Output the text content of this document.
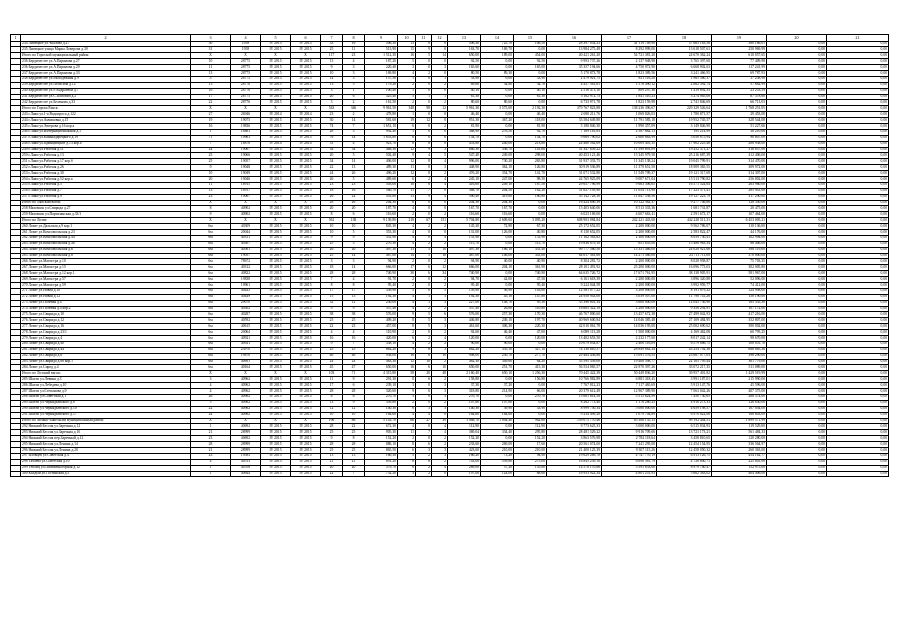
1	2	3	4	5	6	7	8	9	10	11	12	13	14	15	16	17	18	19	20	21
	234 Липецкое ул.Чкалова д.27	30	1958	IV 2015	IV 2015	33	16	506,30	13	8	0	506,30	725,70	106,50	28 397 054,23	41 119 749,98	57 665 163,56	360 166,01	0,00	0,00
	235 Липецкое улица Марка Ловерова д.30	31	1958	IV 2015	IV 2015	25	11	513,90	15	9	0	163,70	169,70	0,00	13 984 275,48	8 292 999,00	13 618 507,61	250 969,99	0,00	0,00
	Итого по Гороской муниципальный район:	X	X	X	X	117	23	1 512,30	16	5	14	650,00	189,00	454,00	40 421 261,20	54 721 381,20	24 670 362,24	618 057,65	0,00	0,00
	236 Бердичесэте ул.А.Парамова д.27	10	28775	IV 2015	IV 2015	13	4	187,20	5	0	0	92,50	0,00	92,50	9 993 737,26	2 137 948,98	3 765 397,60	77 409,98	0,00	0,00
	236 Бердичесэте ул.А.Парамова д.29	11	28775	IV 2015	IV 2015	9	3	220,40	3	0	3	165,60	0,00	165,00	35 357 194,66	4 750 972,90	6 668 902,63	117 241,99	0,00	0,00
	237 Бердичесэте ул.А.Парамова д.33	13	28775	IV 2015	IV 2015	10	3	169,80	4	2	0	80,50	89,30	0,00	5 170 873,78	1 823 389,56	3 241 466,95	69 787,93	0,00	0,00
	238 Бердичесэте ул.Молодежная д.9	3	28775	IV 2015	IV 2015	14	3	157,50	1	0	1	33,90	0,00	33,90	2 479 921,75	851 116,20	1 965 560,37	37 238,98	0,00	0,00
	239 Бердичесэте ул.Пеласича д.12	13	28776	IV 2015	IV 2015	13	5	179,20	2	0	2	69,60	34,80	34,70	4 457 561,61	1 576 490,12	2 662 392,74	57 662,99	0,00	0,00
	240 Бердичесэте ул.Р.Андраевой д.7	16	28776	IV 2015	IV 2015	3	1	100,40	1	0	0	40,10	0,00	40,10	2 516 473,10	809 297,36	1 419 892,33	23 253,59	0,00	0,00
	241 Бердичесэте ул.С.Попович д.2	17	28775	IV 2015	IV 2015	20	6	325,40	5	1	1	61,30	0,00	61,30	5 162 972,73	1 841 510,23	3 274 065,08	67 378,60	0,00	0,00
	242 Бердичесэте ул.Беленова д.33	22	28776	IV 2015	IV 2015	3	2	161,50	2	0	2	80,60	80,60	0,00	6 733 971,78	1 823 159,98	2 741 846,69	66 713,03	0,00	0,00
	Итого по Горска Ранск:	X	X	X	X	543	346	9 961,50	348	98	12	5 961,30	3 575,00	2 192,30	379 767 823,88	138 236 396,67	229 329 526,64	1 768 251,05	0,00	0,00
	243 г.Ляки ул.1-я Водопроса д.122	27	26946	IV 2014	IV 2014	23	2	478,80	1	0	0	46,40	0,00	46,40	2 690 211,76	1 069 826,03	1 780 871,57	29 453,08	0,00	0,00
	244 г.Ляки ул.Анчиковка д.15	19	19075	IV 2015	IV 2015	30	14	581,60	19	12	0	951,30	367,20	118,00	33 584 649,80	11 791 585,18	19 952 745,57	328 544,08	0,00	0,00
	245 г.Ляки ул.Эвгерова д.16 кор.а	16	19836	IV 2015	IV 2015	74	7	1 651,10	6	0	2	81,90	0,00	81,90	5 180 840,30	1 990 357,09	3 149 846,90	51 227,66	0,00	0,00
	246 г.Ляки ул.Интернациональная д.1	1	18861	IV 2015	IV 2015	28	3	992,40	1	0	0	368,90	276,50	92,70	7 169 181,63	2 587 662,13	195 214,99	38 210,08	0,00	0,00
	247 г.Ляки ул.Канькадарецкого д.19	71	19961	IV 2015	IV 2015	76	14	1 653,80	6	0	6	154,70	0,00	154,70	9 669 790,02	2 600 863,99	5 050 875,94	90 807,00	0,00	0,00
	248 г.Ляки ул.Принципцкое д.13 кор.а	7	18876	IV 2014	IV 2014	31	4	923,70	8	6	0	453,80	240,00	213,80	24 460 562,69	10 009 401,35	17 902 225,46	288 938,00	0,00	0,00
	249 г.Ляки ул.Рабочая д.11	24	19067	IV 2015	IV 2015	34	34	468,30	12	9	3	680,30	336,70	141,60	31 347 659,22	11 599 691,09	19 252 371,27	316 857,00	0,00	0,00
	250 г.Ляки ул.Рабочая д.13	25	19066	IV 2015	IV 2015	20	5	502,40	9	4	5	547,40	249,00	298,00	40 453 121,46	15 345 979,58	25 216 687,39	412 406,00	0,00	0,00
	251 г.Ляки ул.Рабочая д.17 кор.б	25	19057	IV 2015	IV 2015	34	14	406,00	12	8	4	996,00	730,20	265,80	31 937 333,75	11 345 138,24	19 045 799,91	314 470,00	0,00	0,00
	252 г.Ляки ул.Рабочая д.26	9	19048	IV 2015	IV 2015	22	13	489,30	11	8	3	448,90	362,10	126,80	30 919 536,89	11 379 651,50	18 909 365,55	309 972,00	0,00	0,00
	253 г.Ляки ул.Рабочая д.30	10	19049	IV 2015	IV 2015	24	26	496,20	12	8	2	476,20	354,70	141,70	31 071 532,80	11 549 709,37	19 121 317,69	314 307,00	0,00	0,00
	254 г.Ляки ул.Рабочая д.52 кор.а	20	19046	IV 2015	IV 2015	26	5	489,60	6	2	4	245,10	247,00	98,50	24 765 925,09	9 007 671,04	15 513 790,82	256 802,00	0,00	0,00
	255 г.Ляки ул.Рабочая д.5	11	18915	IV 2015	IV 2015	23	23	503,00	10	6	4	416,60	249,10	167,50	29 657 796,99	9 663 306,65	16 571 524,64	263 960,00	0,00	0,00
	256 г.Ляки ул.Рабочая д.7	13	18917	IV 2015	IV 2015	18	16	580,70	11	7	0	368,70	204,50	162,20	31 627 195,90	11 054 713,96	17 323 371,41	285 941,00	0,00	0,00
	257 г.Ляки ул.Рабочая д.9	23	19067	IV 2015	IV 2015	26	24	501,80	13	9	4	500,40	419,60	180,80	35 142 728,10	11 647 538,56	19 127 223,79	317 290,00	0,00	0,00
	Итого по Ляпский вагон:	X	X	X	X	28	26	204,30	6	0	0	204,30	204,30	0,00	16 424 890,39	10 122 362,37	9 277 746,68	128 350,00	0,00	0,00
	258 Маховиль ул.Свирида д.27	8	40902	IV 2015	IV 2015	20	20	187,70	4	0	0	167,70	167,70	0,00	15 403 640,06	8 513 333,36	1 681 731,87	20 475,00	0,00	0,00
	259 Маховиль ул.Партизанская д.33/1	9	40902	IV 2015	IV 2015	8	6	116,60	2	0	2	116,60	116,60	0,00	6 023 169,00	4 607 663,41	2 591 673,17	107 464,00	0,00	0,00
	Итого по Лозит:	X	X	X	X	561	138	9 139,80	218	67	151	5 704,80	2 609,60	3 095,20	608 903 084,84	242 221 443,68	442 228 511,31	6 453 005,21	0,00	0,00
	260 Лозит ул.Дальская д.9 кор.1	6м	40309	IV 2015	IV 2015	10	10	845,30	4	2	2	145,20	72,90	67,30	25 172 652,05	2 200 000,00	9 562 786,07	110 136,00	0,00	0,00
	261 Лозит ул.Комсомольская д.23	6м	20044	IV 2015	IV 2015	10	5	353,30	4	0	0	131,00	126,00	40,80	8 130 652,05	2 200 000,00	2 583 822,47	44 176,00	0,00	0,00
	262 Лозит ул.Комсомольская д.44	6м	40311	IV 2015	IV 2015	9	9	331,90	4	0	4	131,90	0,00	131,90	11 162 563,82	2 300 000,00	8 059 730,41	102 994,00	0,00	0,00
	263 Лозит ул.Комсомольская д.46	6м	40307	IV 2015	IV 2015	25	3	270,30	4	2	2	115,70	0,00	115,70	19 836 679,10	651 855,00	15 486 963,34	86 406,00	0,00	0,00
	264 Лозит ул.Комсомольская д.6	6м	40561	IV 2015	IV 2015	26	26	497,30	13	5	10	497,30	166,10	331,40	99 777 580,50	15 351 486,00	24 028 921,66	398 119,00	0,00	0,00
	265 Лозит ул.Комсомольская д.8	6м	19057	IV 2015	IV 2015	25	14	487,00	14	5	10	487,00	146,00	341,00	64 617 361,60	14 271 360,00	23 711 711,00	370 000,00	0,00	0,00
	266 Лозит ул.Магистра д.10	6м	78672	IV 2015	IV 2015	3	3	94,90	2	0	2	94,90	40,00	40,90	8 304 281,72	2 200 000,00	8 028 958,87	75 703,35	0,00	0,00
	267 Лозит ул.Магистра д.15	6м	40312	IV 2015	IV 2015	18	14	666,00	17	6	12	666,00	204,10	361,90	28 101 491,92	25 200 000,00	16 096 773,03	302 005,80	0,00	0,00
	268 Лозит ул.Магистра д.12 кор.1	6м	40822	IV 2015	IV 2015	28	28	740,90	30	6	34	740,90	0,00	740,90	64 635 726,72	17 671 761,95	38 138 905,91	581 967,00	0,00	0,00
	269 Лозит ул.Магистра д.57	6м	19838	IV 2015	IV 2015	7	4	91,70	2	0	2	94,70	42,00	47,50	6 161 618,39	2 200 000,00	3 896 320,88	52 096,00	0,00	0,00
	270 Лозит ул.Магистра д.59	6м	19961	IV 2015	IV 2015	8	8	95,40	2	0	2	95,40	0,00	95,40	9 224 044,58	2 200 000,00	3 992 959,77	74 412,00	0,00	0,00
	271 Лозит ул.Новая д.10	6м	40443	IV 2015	IV 2015	17	17	339,90	5	0	5	159,90	56,90	103,00	12 561 077,22	3 200 000,00	8 191 879,22	124 908,00	0,00	0,00
	272 Лозит ул.Новая д.12	6м	40449	IV 2015	IV 2015	15	15	192,30	4	1	3	192,30	45,10	147,80	24 958 943,00	3 039 507,00	11 790 741,26	150 190,00	0,00	0,00
	273 Лозит ул.Полевая д.4	6м	29070	IV 2015	IV 2015	32	12	230,00	4	1	3	227,00	148,70	95,30	35 396 801,34	3 600 000,00	12 045 736,90	165 335,30	0,00	0,00
	274 Лозит ул.Полевая д.4 кор.2	6м	40302	IV 2015	IV 2015	9	9	337,40	4	2	2	337,40	26,60	110,80	18 605 322,19	2 200 000,00	9 358 292,91	107 172,00	0,00	0,00
	275 Лозит ул.Свирида д.10	6м	40287	IV 2015	IV 2015	38	38	576,00	9	5	6	576,00	257,30	170,30	46 767 800,60	13 457 672,38	27 499 042,93	417 216,00	0,00	0,00
	276 Лозит ул.Свирида д.12	6м	40592	IV 2015	IV 2015	25	25	409,20	8	5	3	446,80	249,10	197,70	40 969 600,84	14 046 385,48	27 109 484,95	352 807,00	0,00	0,00
	277 Лозит ул.Свирида д.16	6м	40615	IV 2015	IV 2015	22	23	457,00	8	5	3	461,60	306,30	220,30	42 010 061,78	14 036 195,00	25 002 690,62	390 002,00	0,00	0,00
	278 Лозит ул.Свирида д.23/1	6м	20064	IV 2015	IV 2015	4	4	110,90	2	0	2	92,60	46,40	47,00	6 089 113,28	1 500 000,00	4 169 462,08	60 795,25	0,00	0,00
	279 Лозит ул.Свирида д.4	6м	40921	IV 2015	IV 2015	16	16	420,00	6	2	4	120,00	0,00	120,00	13 402 653,50	2 232 177,60	8 017 242,14	98 670,00	0,00	0,00
	280 Лозит ул.Свирида д.40	6м	40921	IV 2015	IV 2015	9	7	338,10	4	2	2	90,00	90,00	0,00	10 079 034,87	2 400 116,09	6 579 886,75	100 051,70	0,00	0,00
	281 Лозит ул.Свирида д.44	6м	23970	IV 2015	IV 2015	25	25	662,20	9	6	3	662,20	335,10	327,10	74 138 610,57	28 849 682,34	43 254 792,36	686 865,36	0,00	0,00
	282 Лозит ул.Свирида д.6	6м	19870	IV 2015	IV 2015	46	46	938,00	18	8	10	908,00	250,70	277,70	29 464 436,86	15 091 576,55	23 667 077,03	396 290,00	0,00	0,00
	283 Лозит ул.Свирида д.66 кор.1	6м	40691	IV 2015	IV 2015	24	24	463,30	12	10	2	462,30	349,60	64,20	35 595 339,00	19 408 598,77	22 105 795,44	361 779,00	0,00	0,00
	284 Лозит ул.Сирод д.4	6м	40164	IV 2015	IV 2015	45	47	650,00	16	6	10	650,00	251,70	415,30	56 554 065,57	22 970 397,26	33 072 217,35	511 089,00	0,00	0,00
	Итого по Лозский вагон:	X	X	X	X	103	71	4 315,80	58	20	48	2 160,40	650,10	1 256,30	70 445 422,39	50 449 836,20	39 957 401,82	1 429 519,99	0,00	0,00
	285 Шахти ул.Левина д.3	3	40962	IV 2015	IV 2015	11	9	291,30	8	6	2	158,80	0,00	156,80	10 766 982,89	6 881 318,45	3 991 187,01	215 990,00	0,00	0,00
	286 Шахти ул.Лебедева д.10	4	40962	IV 2015	IV 2015	17	6	239,10	3	0	3	37,30	37,20	0,00	7 767 812,23	7 117 465,69	5 913 147,76	45 596,00	0,00	0,00
	287 Шахти ул.Степанова д.9	4	40962	IV 2015	IV 2015	28	28	320,60	9	6	3	318,80	214,90	66,00	20 379 612,49	12 967 389,90	7 063 042,26	407 375,00	0,00	0,00
	288 Шахти ул.Советская д.1	26	40962	IV 2015	IV 2015	8	6	270,70	3	0	3	270,70	0,00	270,70	13 661 614,58	5 515 624,99	7 450 730,65	268 374,00	0,00	0,00
	289 Шахти ул.Чернядьевского д.8	5	40962	IV 2015	IV 2015	13	9	359,80	2	0	2	107,60	107,60	0,00	8 262 773,40	1 176 280,25	4 910 273,33	126 650,00	0,00	0,00
	290 Шахти ул.Чернядьевского д.10	22	40962	IV 2015	IV 2015	12	12	140,30	6	3	3	140,30	39,90	33,90	8 999 750,34	5 000 000,00	4 659 198,57	107 054,00	0,00	0,00
	291 Шахти ул.Чернядьевского д.17	24	40962	IV 2015	IV 2015	10	10	164,60	4	4	0	164,60	164,60	0,00	9 234 499,20	1 079 704,89	6 970 822,06	168 603,00	0,00	0,00
	Итого по Межно-Бикельсий муниципальный район:	X	X	X	X	196	86	5 143,70	66	27	39	1 068,70	1 004,40	962,60	159 075 770,46	65 306 135,15	99 192 444,51	1 899 571,99	0,00	0,00
	292 Нижний Бессик ул.Заречная д.12	1	40692	IV 2015	IV 2015	28	22	672,30	4	0	4	112,90	0,00	112,90	9 773 625,33	3 000 000,00	6 515 834,93	119 529,00	0,00	0,00
	293 Нижний Бессик ул.Заречная д.16	21	28999	IV 2015	IV 2015	25	25	905,30	11	7	4	369,04	334,40	295,80	28 481 529,22	9 916 709,66	13 721 173,21	561 484,33	0,00	0,00
	294 Нижний Бессик пер.Заречный д.12	23	40692	IV 2015	IV 2015	9	8	152,20	2	0	2	152,20	0,00	152,20	3 863 576,98	2 784 118,64	3 458 810,65	120 280,00	0,00	0,00
	295 Нижний Бессик ул.Ленина д.14	28	28999	IV 2015	IV 2015	28	28	886,10	8	6	2	233,60	269,00	17,60	20 561 074,00	7 241 295,00	12 454 154,95	336 564,97	0,00	0,00
	296 Нижний Бессик ул.Ленина д.20	21	28999	IV 2015	IV 2015	25	25	865,50	6	3	3	423,60	210,00	210,00	21 400 125,39	9 307 115,26	12 458 050,32	260 363,00	0,00	0,00
	297 Иловцев ул.Советская д.4	23	19583	IV 2015	IV 2015	13	13	160,30	5	2	3	166,20	73,20	94,90	19 629 269,70	4 747 770,19	6 913 126,75	454 162,77	0,00	0,00
	298 Табаева ул.Советская д.10	4	40513	IV 2015	IV 2015	21	21	691,20	8	6	2	743,00	559,80	275,00	16 845 259,18	6 698 381,79	4 728 800,71	225 801,00	0,00	0,00
	299 Теплиц ул.Пшеничногорная д.12	1	40708	IV 2015	IV 2015	20	20	579,70	6	2	4	289,00	57,20	155,80	14 578 170,86	5 591 633,60	8 979 740,47	152 975,00	0,00	0,00
	300 Калдый ул.Гостинская д.5	1	40644	IV 2015	IV 2015	22	7	732,20	3	2	0	197,00	124,00	68,60	16 933 922,34	4 801 251,93	5 662 363,02	404 406,00	0,00	0,00
